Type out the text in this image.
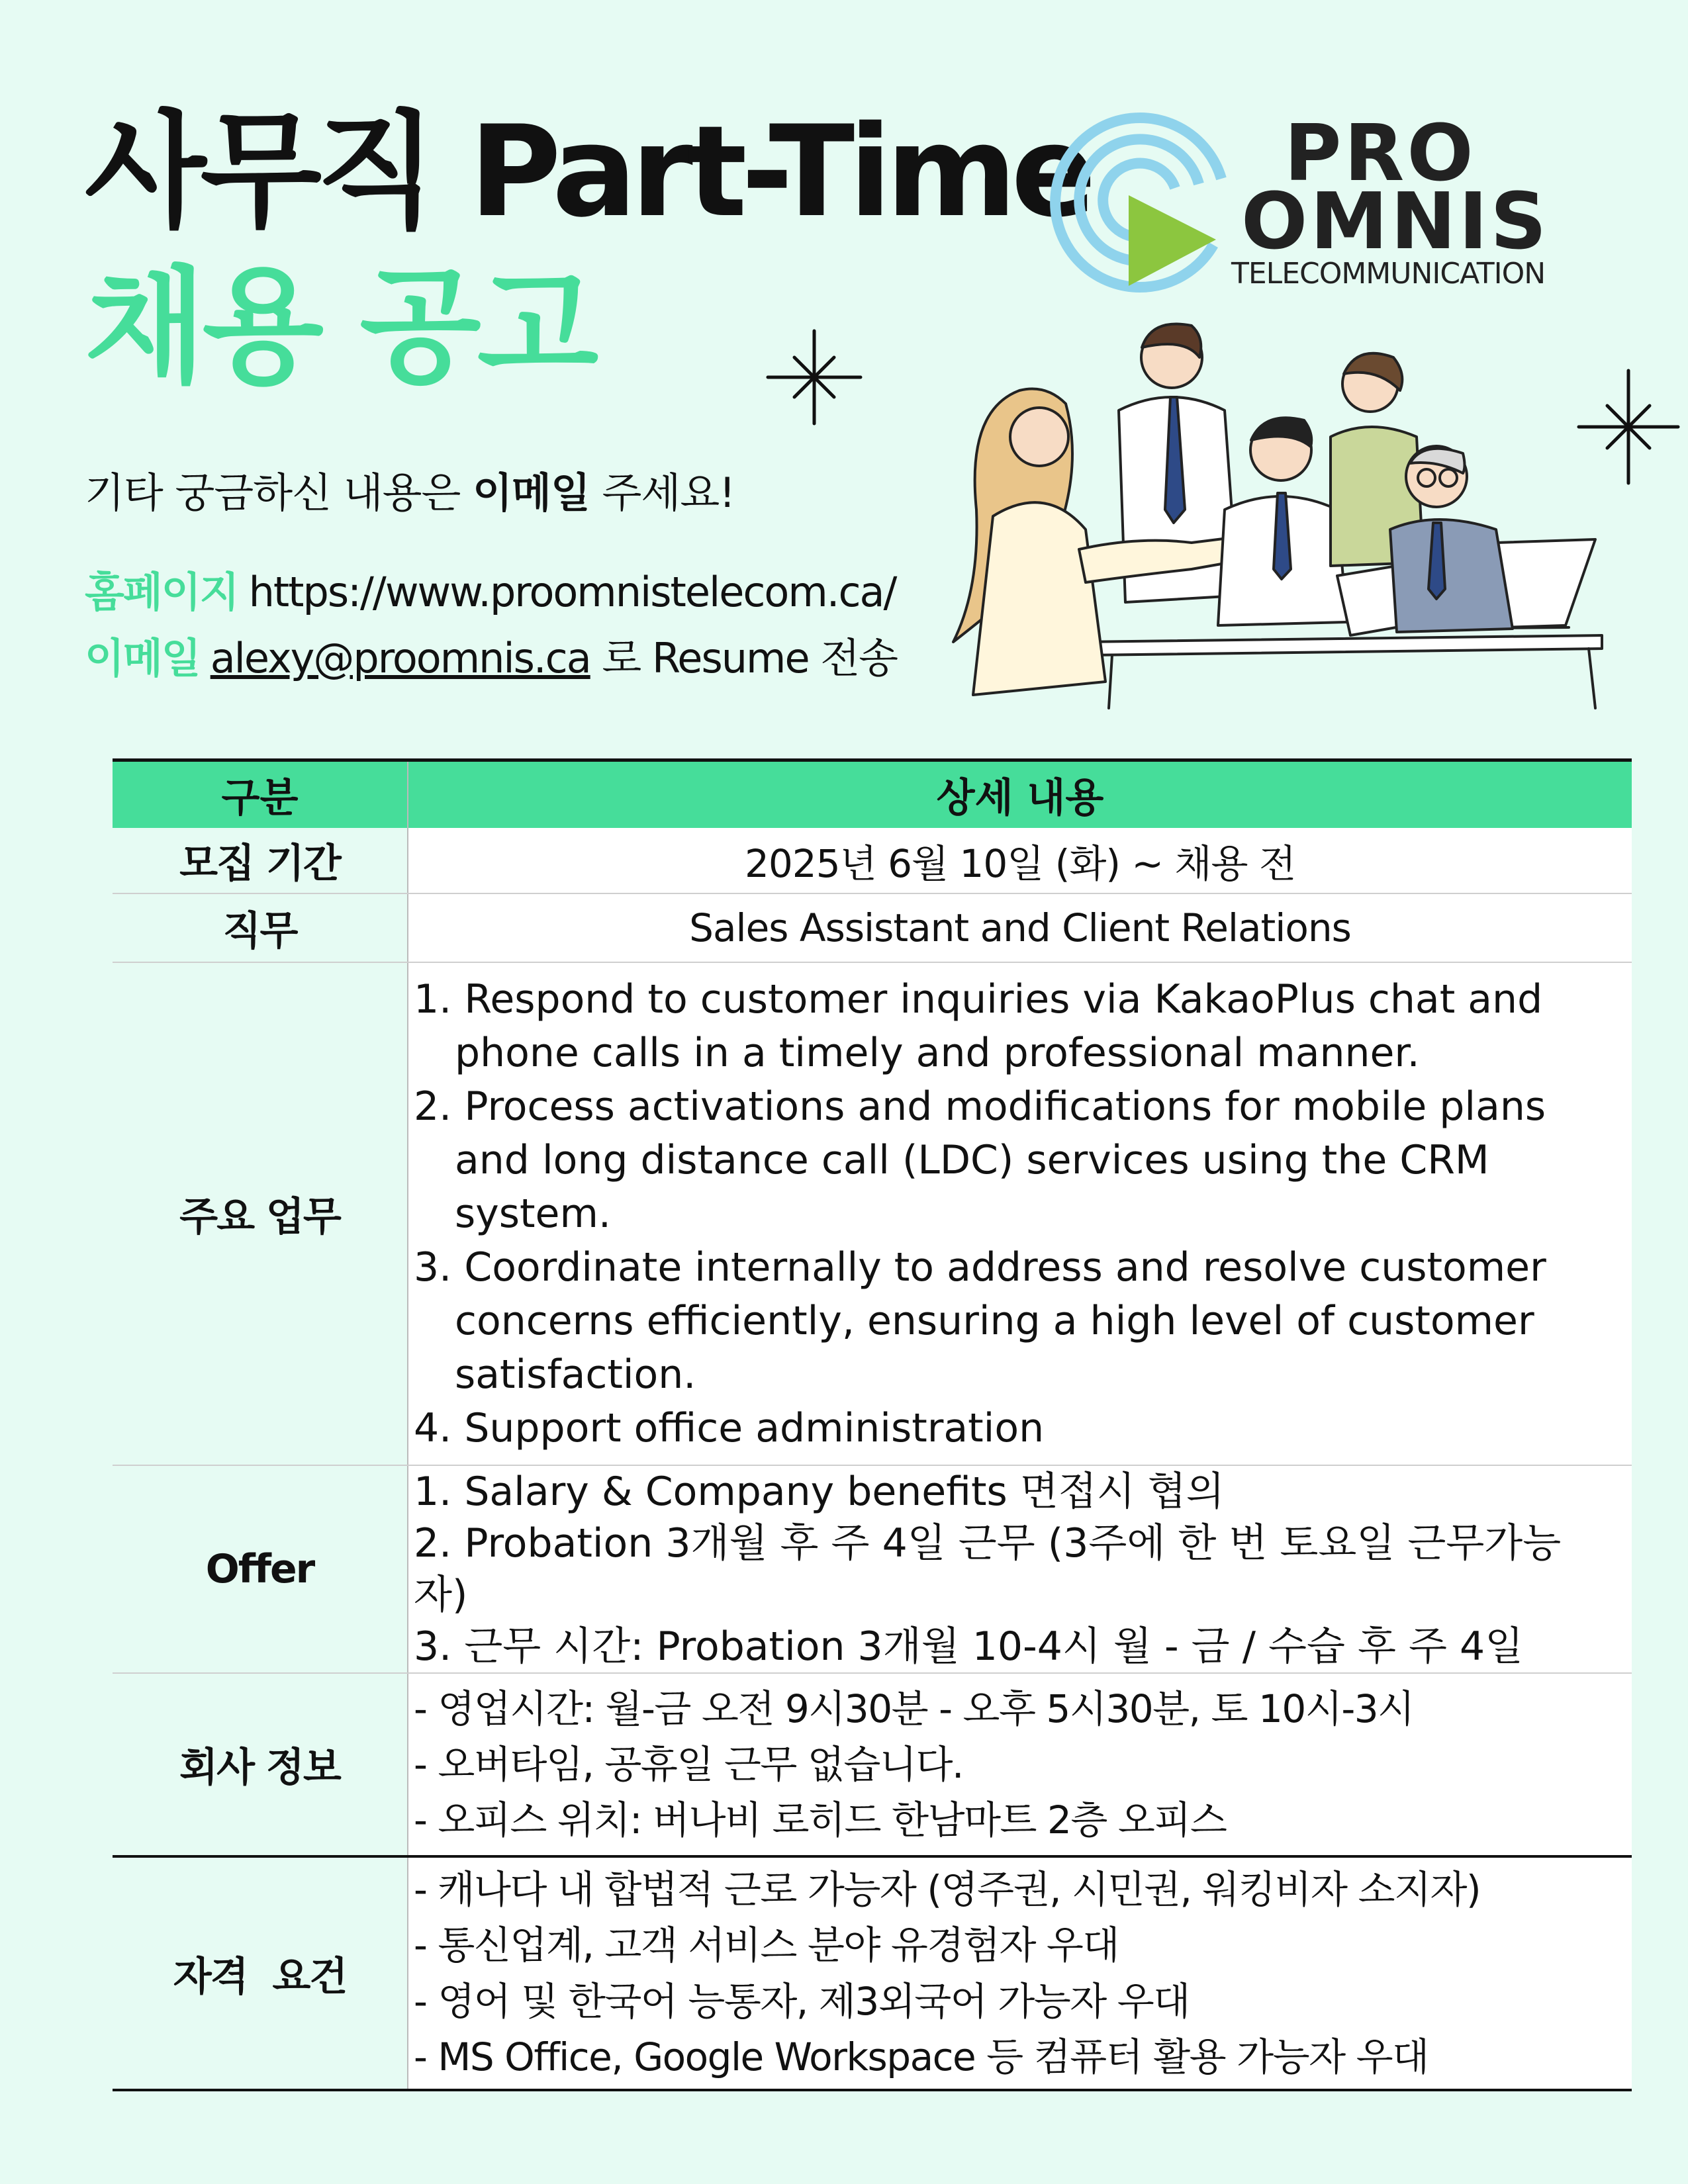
사무직 Part-Time
채용 공고
기타 궁금하신 내용은 이메일 주세요!
홈페이지 https://www.proomnistelecom.ca/
이메일 alexy@proomnis.ca 로 Resume 전송
PRO
OMNIS
TELECOMMUNICATION
구분	상세 내용
모집 기간	2025년 6월 10일 (화) ~ 채용 전
직무	Sales Assistant and Client Relations
주요 업무	1. Respond to customer inquiries via KakaoPlus chat and phone calls in a timely and professional manner.
2. Process activations and modifications for mobile plans and long distance call (LDC) services using the CRM system.
3. Coordinate internally to address and resolve customer concerns efficiently, ensuring a high level of customer satisfaction.
4. Support office administration

Offer	1. Salary & Company benefits 면접시 협의
2. Probation 3개월 후 주 4일 근무 (3주에 한 번 토요일 근무가능자)
3. 근무 시간: Probation 3개월 10-4시 월 - 금 / 수습 후 주 4일

회사 정보	- 영업시간: 월-금 오전 9시30분 - 오후 5시30분, 토 10시-3시
- 오버타임, 공휴일 근무 없습니다.
- 오피스 위치: 버나비 로히드 한남마트 2층 오피스

자격  요건	- 캐나다 내 합법적 근로 가능자 (영주권, 시민권, 워킹비자 소지자)
- 통신업계, 고객 서비스 분야 유경험자 우대
- 영어 및 한국어 능통자, 제3외국어 가능자 우대
- MS Office, Google Workspace 등 컴퓨터 활용 가능자 우대
